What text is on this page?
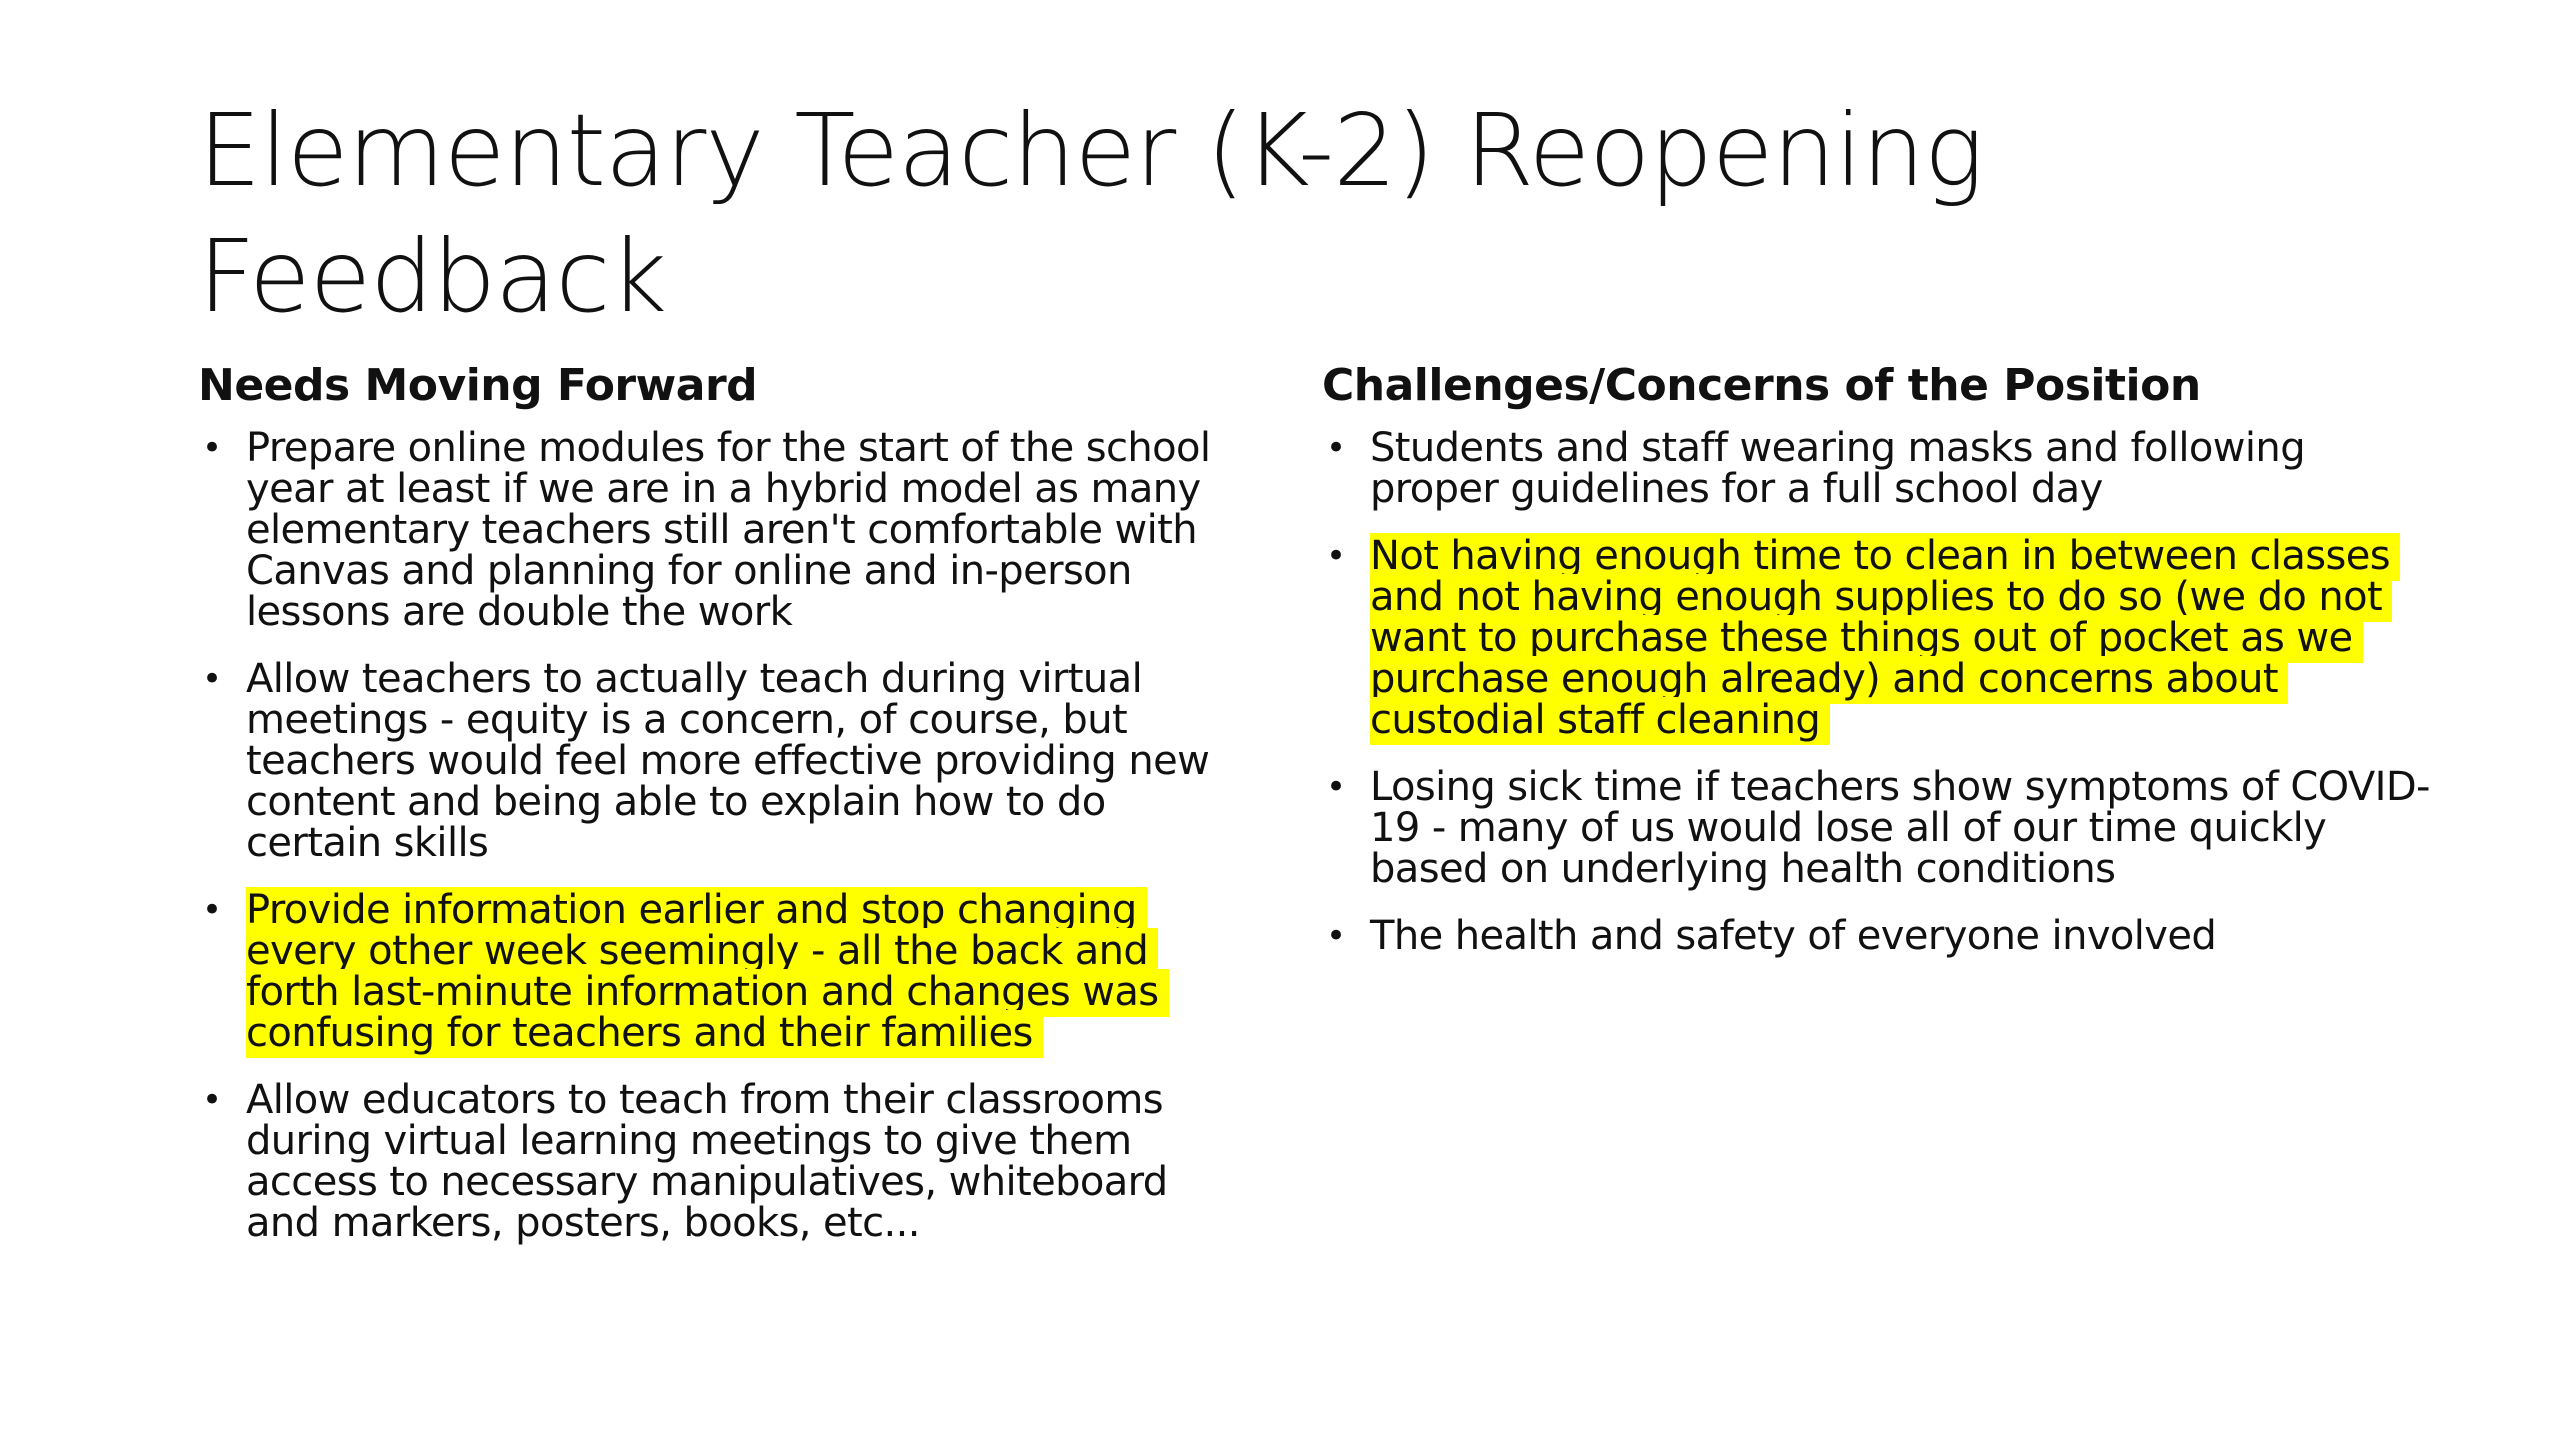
Elementary Teacher (K-2) Reopening Feedback
Needs Moving Forward
• Prepare online modules for the start of the school year at least if we are in a hybrid model as many elementary teachers still aren't comfortable with Canvas and planning for online and in-person lessons are double the work
• Allow teachers to actually teach during virtual meetings - equity is a concern, of course, but teachers would feel more effective providing new content and being able to explain how to do certain skills
• Provide information earlier and stop changing every other week seemingly - all the back and forth last-minute information and changes was confusing for teachers and their families
• Allow educators to teach from their classrooms during virtual learning meetings to give them access to necessary manipulatives, whiteboard and markers, posters, books, etc...
Challenges/Concerns of the Position
• Students and staff wearing masks and following proper guidelines for a full school day
• Not having enough time to clean in between classes and not having enough supplies to do so (we do not want to purchase these things out of pocket as we purchase enough already) and concerns about custodial staff cleaning
• Losing sick time if teachers show symptoms of COVID-19 - many of us would lose all of our time quickly based on underlying health conditions
• The health and safety of everyone involved
